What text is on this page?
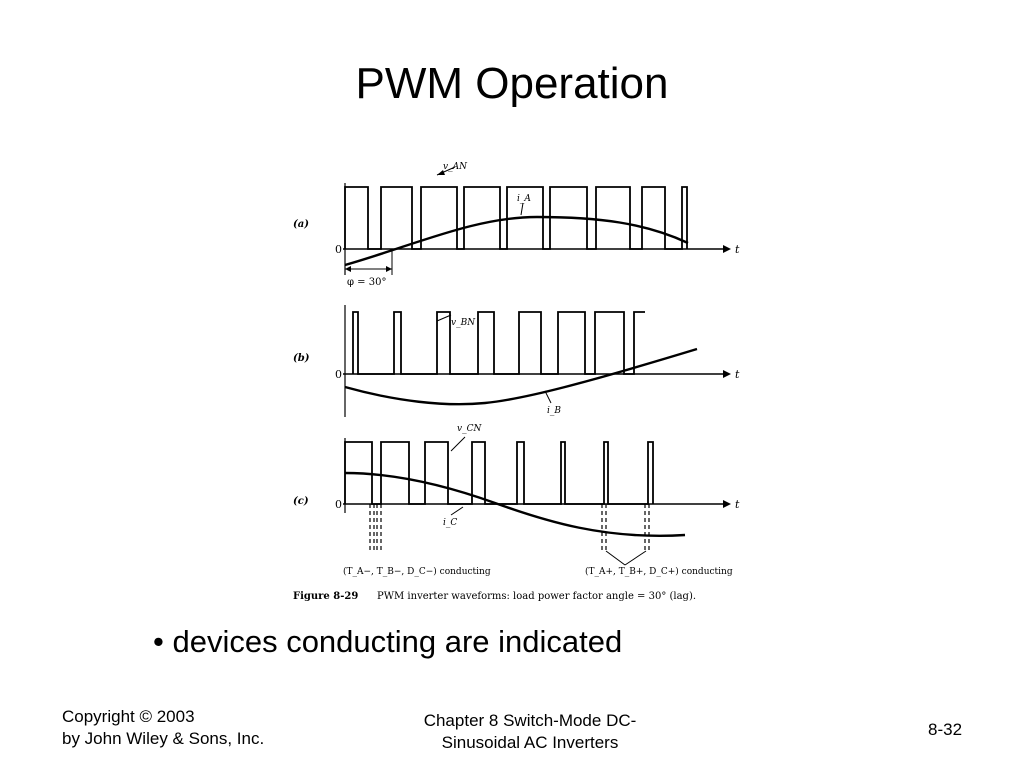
PWM Operation
(a)
0	t
v_AN
i_A
φ = 30°
(b)
0	t
v_BN
i_B
(c) 0	t
v_CN
i_C
(T_A−, T_B−, D_C−) conducting	(T_A+, T_B+, D_C+) conducting
Figure 8-29 PWM inverter waveforms: load power factor angle = 30° (lag).
• devices conducting are indicated
Copyright © 2003
by John Wiley & Sons, Inc.
Chapter 8 Switch-Mode DC-
Sinusoidal AC Inverters
8-32
